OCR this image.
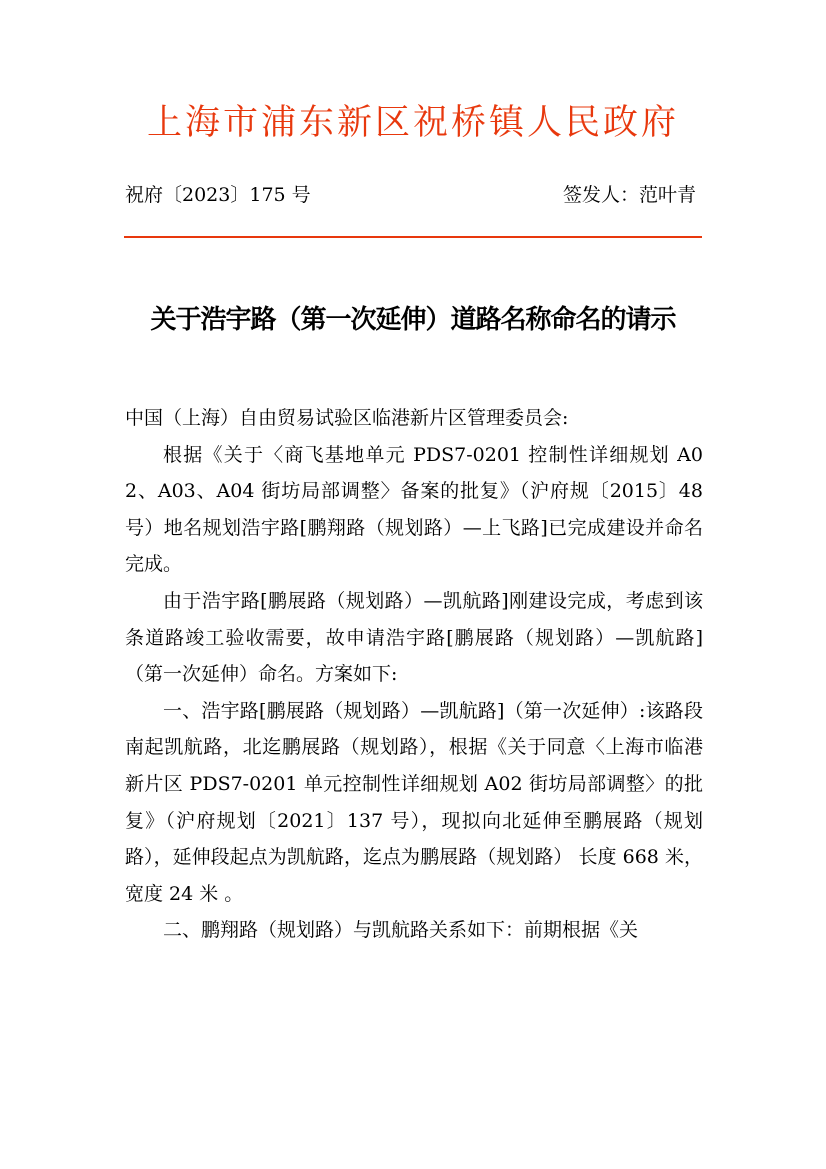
上海市浦东新区祝桥镇人民政府
祝府〔2023〕175 号	签发人：范叶青
关于浩宇路（第一次延伸）道路名称命名的请示

中国（上海）自由贸易试验区临港新片区管理委员会:

根据《关于〈商飞基地单元 PDS7-0201 控制性详细规划 A02、A03、A04 街坊局部调整〉备案的批复》（沪府规〔2015〕48 号）地名规划浩宇路[鹏翔路（规划路）—上飞路]已完成建设并命名完成。

由于浩宇路[鹏展路（规划路）—凯航路]刚建设完成，考虑到该条道路竣工验收需要，故申请浩宇路[鹏展路（规划路）—凯航路]（第一次延伸）命名。方案如下:

一、浩宇路[鹏展路（规划路）—凯航路]（第一次延伸）:该路段南起凯航路，北迄鹏展路（规划路），根据《关于同意〈上海市临港新片区 PDS7-0201 单元控制性详细规划 A02 街坊局部调整〉的批复》（沪府规划〔2021〕137 号），现拟向北延伸至鹏展路（规划路），延伸段起点为凯航路，迄点为鹏展路（规划路） 长度 668 米，宽度 24 米 。

二、鹏翔路（规划路）与凯航路关系如下：前期根据《关
